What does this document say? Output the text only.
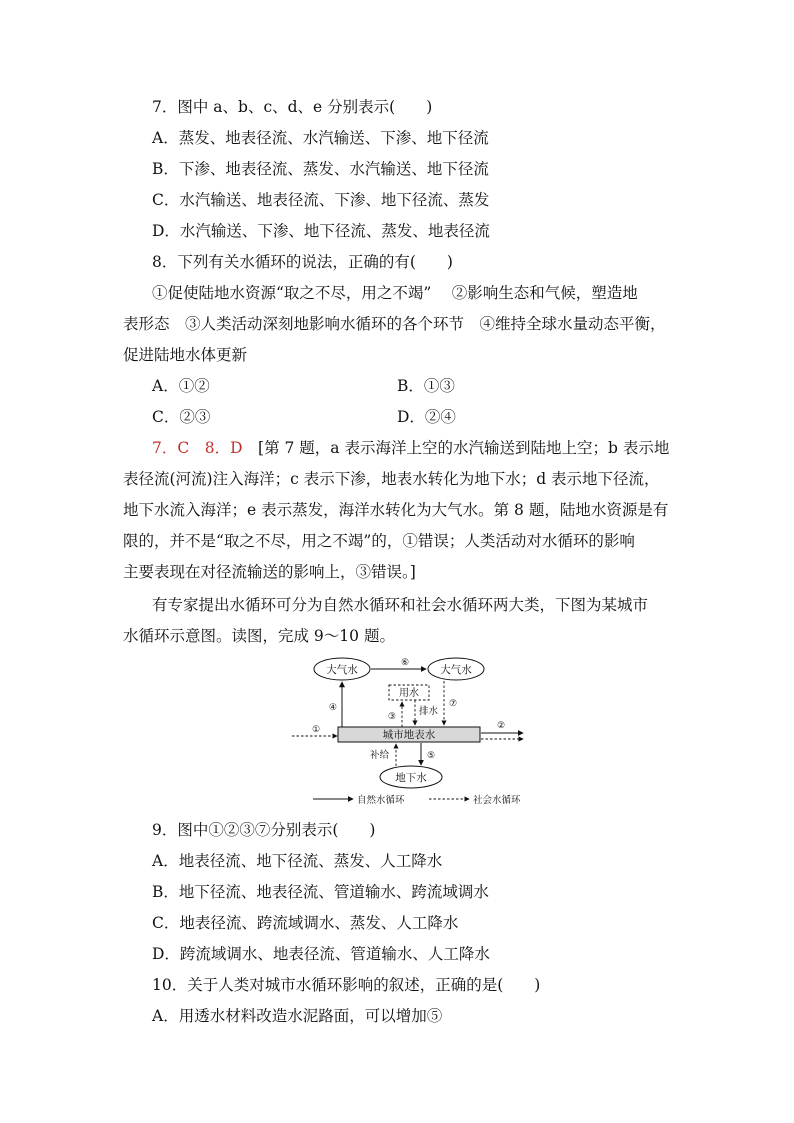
7．图中 a、b、c、d、e 分别表示(　　)
A．蒸发、地表径流、水汽输送、下渗、地下径流
B．下渗、地表径流、蒸发、水汽输送、地下径流
C．水汽输送、地表径流、下渗、地下径流、蒸发
D．水汽输送、下渗、地下径流、蒸发、地表径流
8．下列有关水循环的说法，正确的有(　　)
①促使陆地水资源“取之不尽，用之不竭”　 ②影响生态和气候，塑造地
表形态　③人类活动深刻地影响水循环的各个环节　④维持全球水量动态平衡，
促进陆地水体更新
A．①②	B．①③
C．②③	D．②④
7．C　8．D　 [第 7 题，a 表示海洋上空的水汽输送到陆地上空；b 表示地
表径流(河流)注入海洋；c 表示下渗，地表水转化为地下水；d 表示地下径流，
地下水流入海洋；e 表示蒸发，海洋水转化为大气水。第 8 题，陆地水资源是有
限的，并不是“取之不尽，用之不竭”的，①错误；人类活动对水循环的影响
主要表现在对径流输送的影响上，③错误。]
有专家提出水循环可分为自然水循环和社会水循环两大类，下图为某城市
水循环示意图。读图，完成 9～10 题。
大气水	大气水
⑥
用水
④
③ 排水
⑦
城市地表水
①	②
补给	⑤
地下水
自然水循环	社会水循环
9．图中①②③⑦分别表示(　　)
A．地表径流、地下径流、蒸发、人工降水
B．地下径流、地表径流、管道输水、跨流域调水
C．地表径流、跨流域调水、蒸发、人工降水
D．跨流域调水、地表径流、管道输水、人工降水
10．关于人类对城市水循环影响的叙述，正确的是(　　)
A．用透水材料改造水泥路面，可以增加⑤
